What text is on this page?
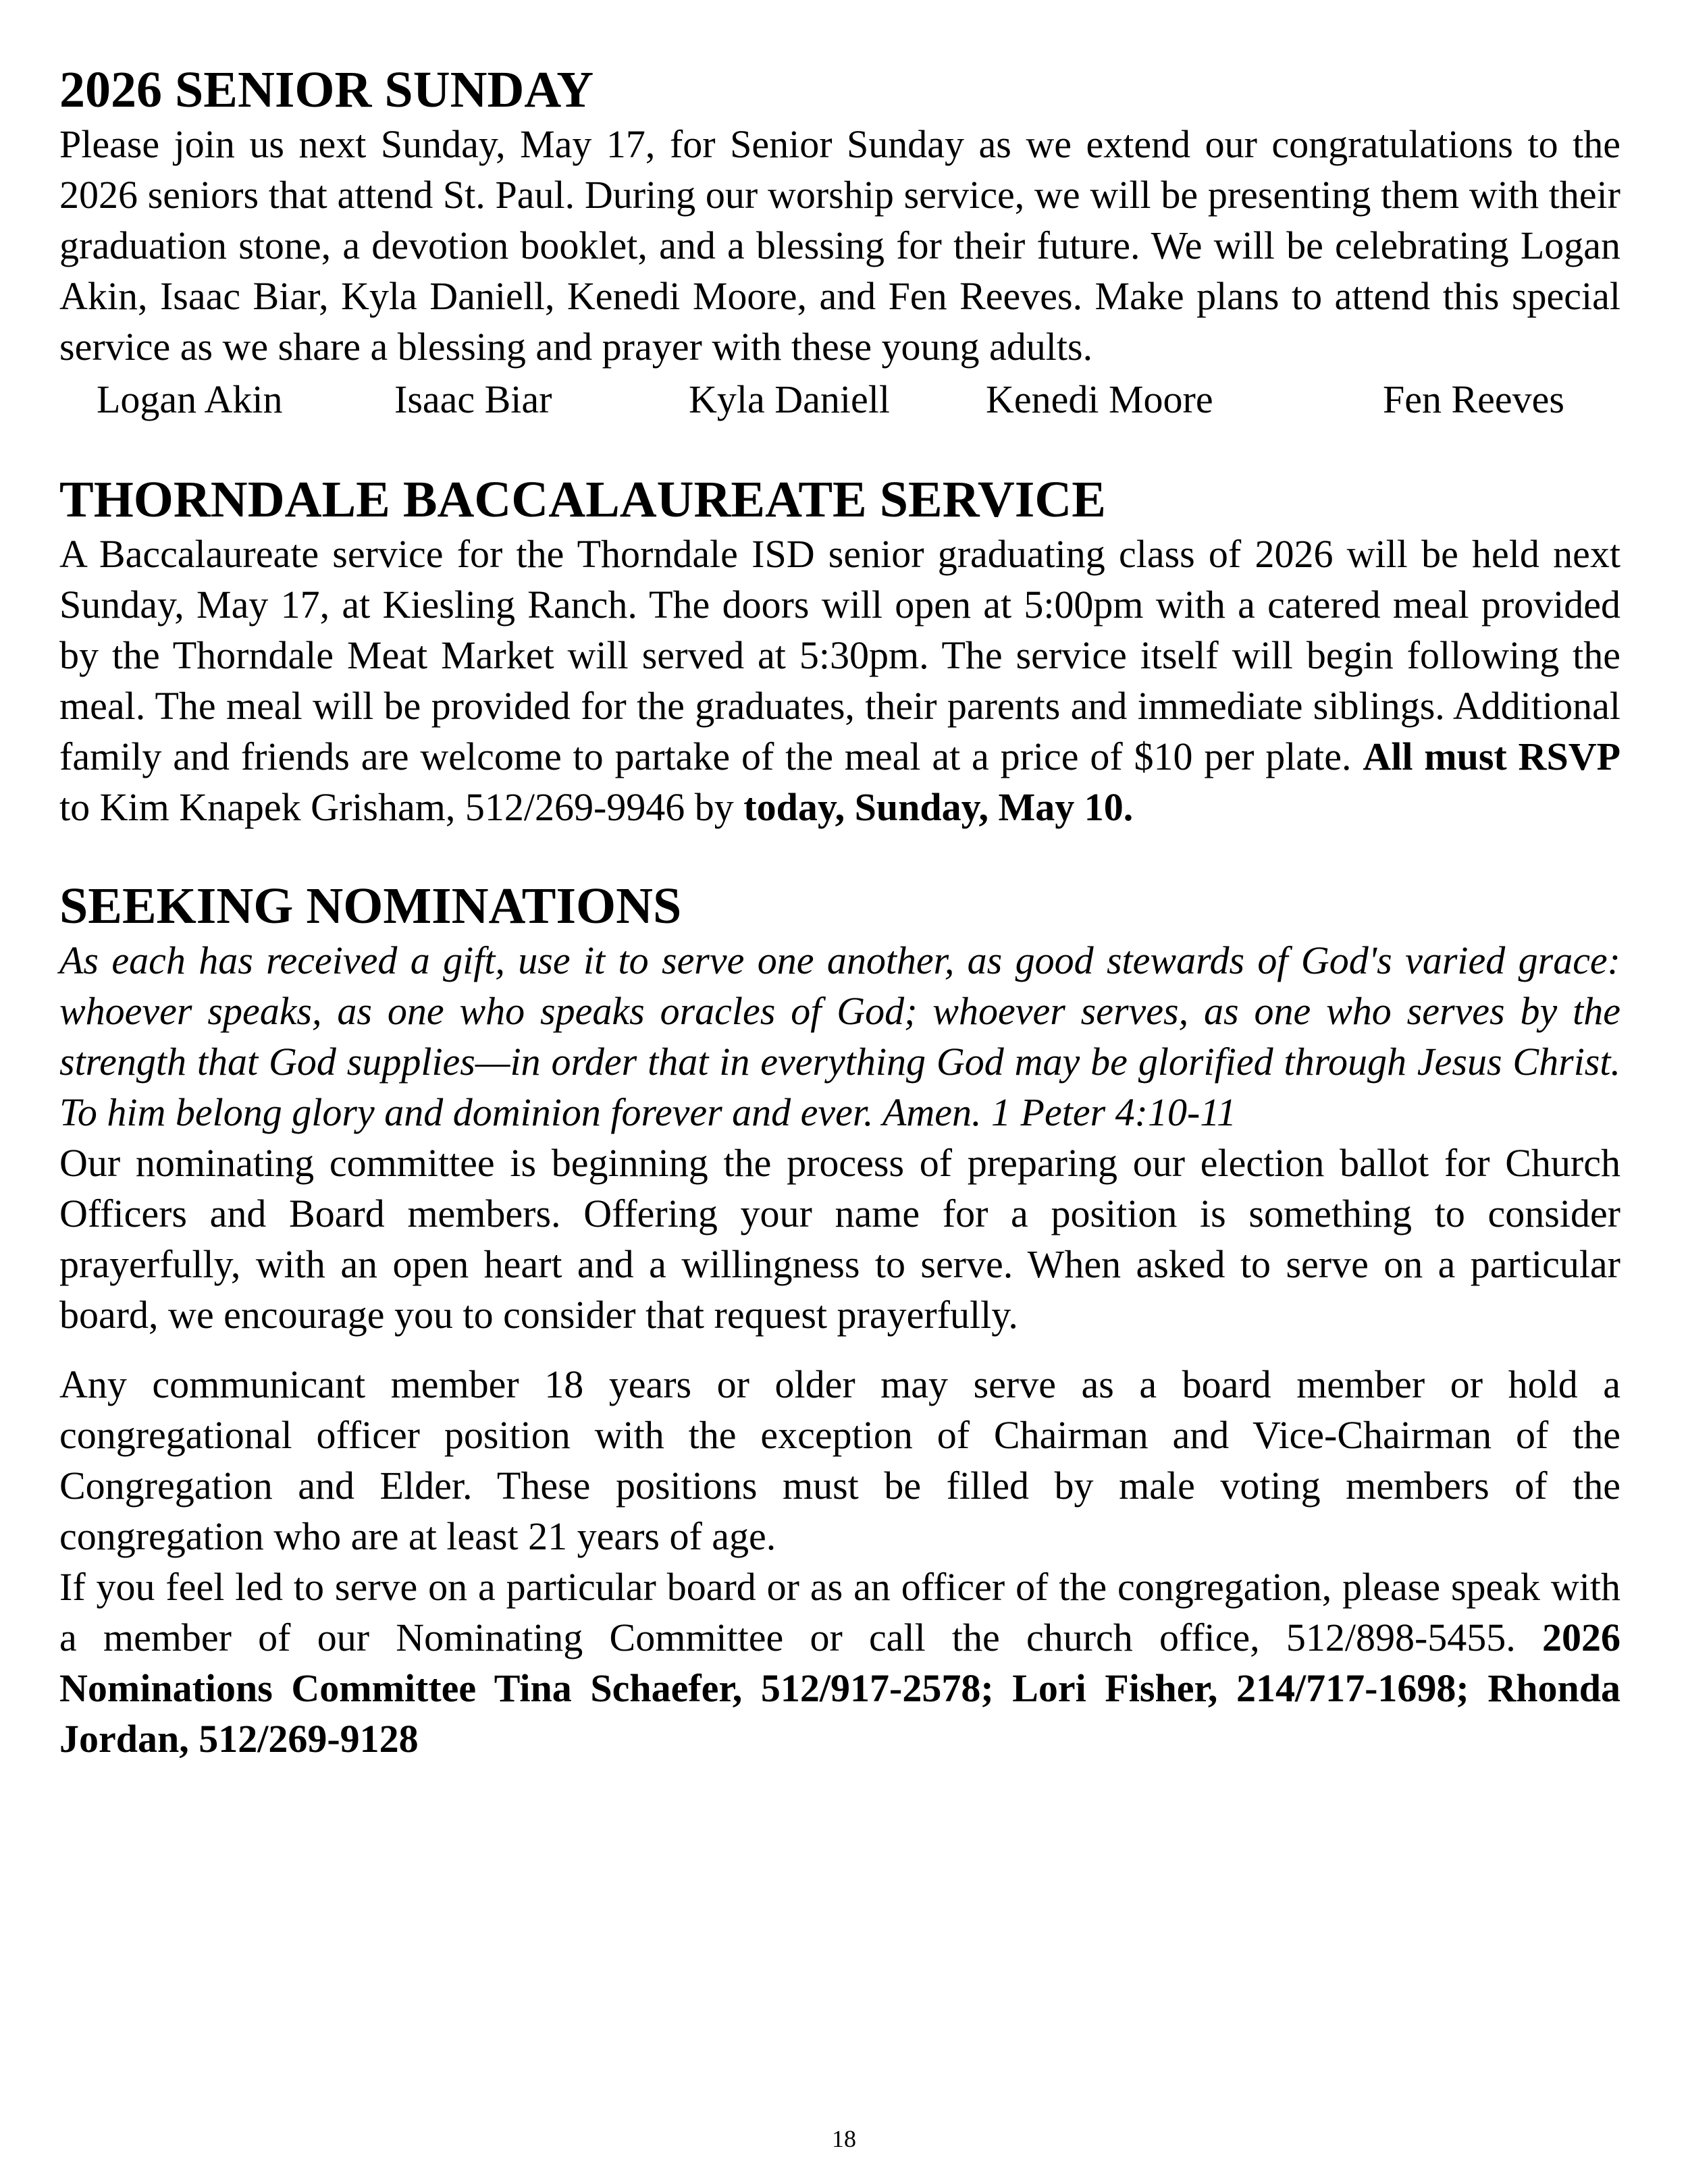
2026 SENIOR SUNDAY

Please join us next Sunday, May 17, for Senior Sunday as we extend our congratulations to the 2026 seniors that attend St. Paul. During our worship service, we will be presenting them with their graduation stone, a devotion booklet, and a blessing for their future. We will be celebrating Logan Akin, Isaac Biar, Kyla Daniell, Kenedi Moore, and Fen Reeves. Make plans to attend this special service as we share a blessing and prayer with these young adults.

Logan Akin	Isaac Biar	Kyla Daniell Kenedi Moore	Fen Reeves
THORNDALE BACCALAUREATE SERVICE

A Baccalaureate service for the Thorndale ISD senior graduating class of 2026 will be held next Sunday, May 17, at Kiesling Ranch. The doors will open at 5:00pm with a catered meal provided by the Thorndale Meat Market will served at 5:30pm. The service itself will begin following the meal. The meal will be provided for the graduates, their parents and immediate siblings. Additional family and friends are welcome to partake of the meal at a price of $10 per plate. All must RSVP to Kim Knapek Grisham, 512/269-9946 by today, Sunday, May 10.

SEEKING NOMINATIONS

As each has received a gift, use it to serve one another, as good stewards of God's varied grace: whoever speaks, as one who speaks oracles of God; whoever serves, as one who serves by the strength that God supplies—in order that in everything God may be glorified through Jesus Christ. To him belong glory and dominion forever and ever. Amen. 1 Peter 4:10-11

Our nominating committee is beginning the process of preparing our election ballot for Church Officers and Board members. Offering your name for a position is something to consider prayerfully, with an open heart and a willingness to serve. When asked to serve on a particular board, we encourage you to consider that request prayerfully.

Any communicant member 18 years or older may serve as a board member or hold a congregational officer position with the exception of Chairman and Vice-Chairman of the Congregation and Elder. These positions must be filled by male voting members of the congregation who are at least 21 years of age.

If you feel led to serve on a particular board or as an officer of the congregation, please speak with a member of our Nominating Committee or call the church office, 512/898-5455. 2026 Nominations Committee Tina Schaefer, 512/917-2578; Lori Fisher, 214/717-1698; Rhonda Jordan, 512/269-9128

18
